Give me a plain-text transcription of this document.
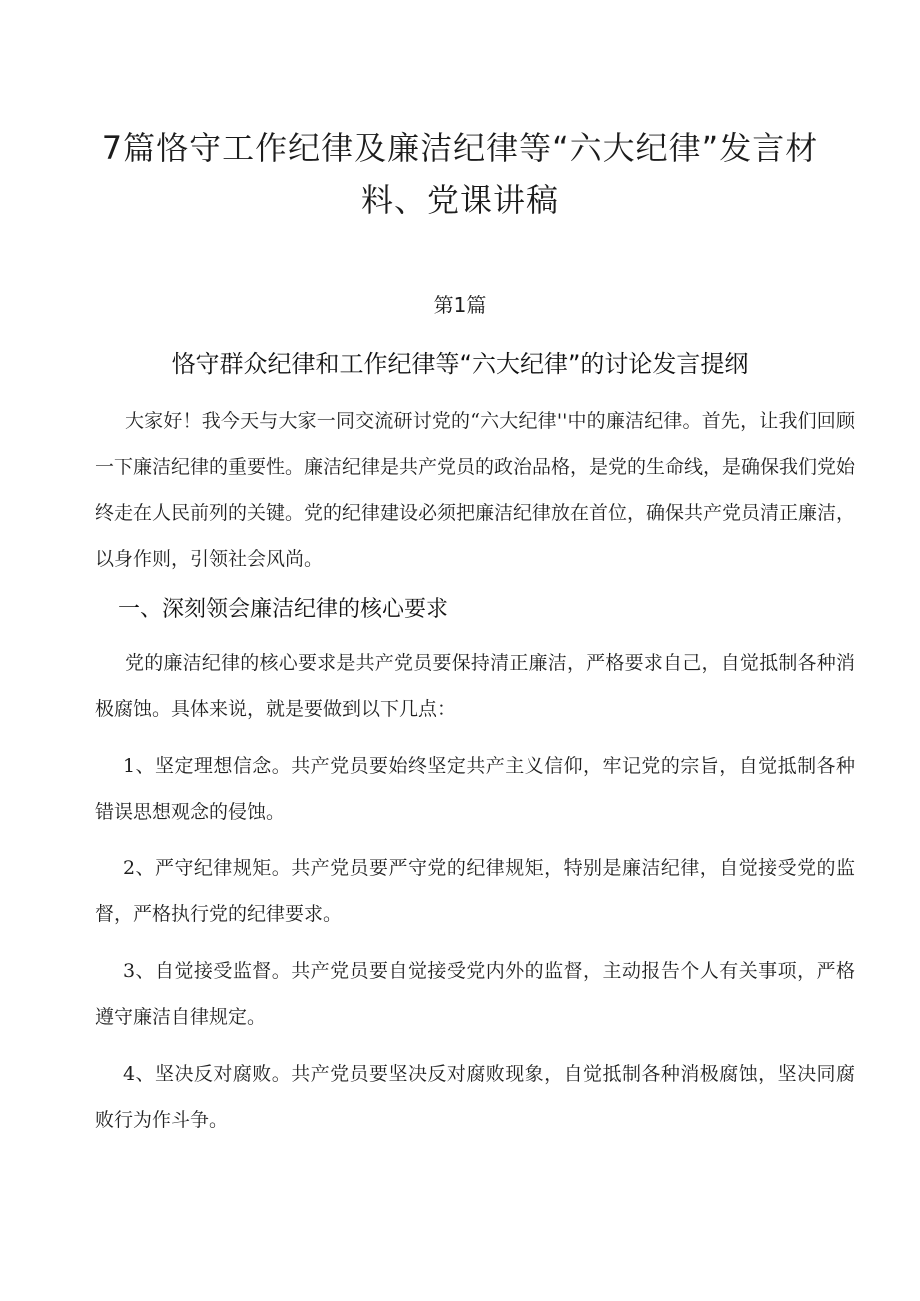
7篇恪守工作纪律及廉洁纪律等“六大纪律”发言材料、党课讲稿
第1篇
恪守群众纪律和工作纪律等“六大纪律”的讨论发言提纲

大家好！我今天与大家一同交流研讨党的“六大纪律''中的廉洁纪律。首先，让我们回顾一下廉洁纪律的重要性。廉洁纪律是共产党员的政治品格，是党的生命线，是确保我们党始终走在人民前列的关键。党的纪律建设必须把廉洁纪律放在首位，确保共产党员清正廉洁，以身作则，引领社会风尚。

一、深刻领会廉洁纪律的核心要求

党的廉洁纪律的核心要求是共产党员要保持清正廉洁，严格要求自己，自觉抵制各种消极腐蚀。具体来说，就是要做到以下几点：

1、坚定理想信念。共产党员要始终坚定共产主义信仰，牢记党的宗旨，自觉抵制各种错误思想观念的侵蚀。

2、严守纪律规矩。共产党员要严守党的纪律规矩，特别是廉洁纪律，自觉接受党的监督，严格执行党的纪律要求。

3、自觉接受监督。共产党员要自觉接受党内外的监督，主动报告个人有关事项，严格遵守廉洁自律规定。

4、坚决反对腐败。共产党员要坚决反对腐败现象，自觉抵制各种消极腐蚀，坚决同腐败行为作斗争。
